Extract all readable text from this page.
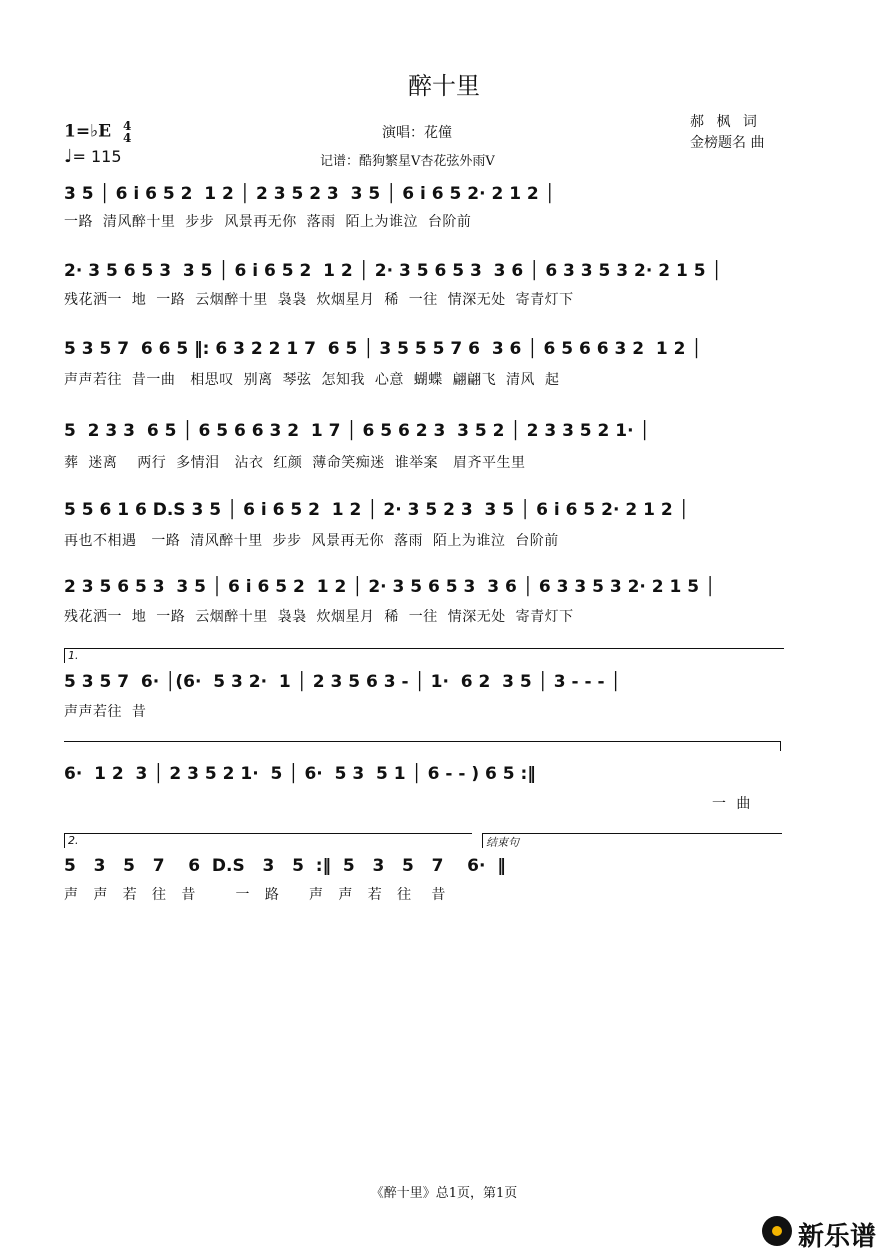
醉十里
1=♭E 4
4
♩= 115
演唱：花僮
记谱：酷狗繁星V杏花弦外雨V
郝 枫 词
金榜题名 曲
3 5 │ 6 i 6 5 2  1 2 │ 2 3 5 2 3  3 5 │ 6 i 6 5 2· 2 1 2 │
一路  清风醉十里  步步  风景再无你  落雨  陌上为谁泣  台阶前
2· 3 5 6 5 3  3 5 │ 6 i 6 5 2  1 2 │ 2· 3 5 6 5 3  3 6 │ 6 3 3 5 3 2· 2 1 5 │
残花洒一  地  一路  云烟醉十里  袅袅  炊烟星月  稀  一往  情深无处  寄青灯下
5 3 5 7  6 6 5 ‖: 6 3 2 2 1 7  6 5 │ 3 5 5 5 7 6  3 6 │ 6 5 6 6 3 2  1 2 │
声声若往  昔一曲   相思叹  别离  琴弦  怎知我  心意  蝴蝶  翩翩飞  清风  起
5  2 3 3  6 5 │ 6 5 6 6 3 2  1 7 │ 6 5 6 2 3  3 5 2 │ 2 3 3 5 2 1· │
葬  迷离    两行  多情泪   沾衣  红颜  薄命笑痴迷  谁举案   眉齐平生里
5 5 6 1 6 D.S 3 5 │ 6 i 6 5 2  1 2 │ 2· 3 5 2 3  3 5 │ 6 i 6 5 2· 2 1 2 │
再也不相遇   一路  清风醉十里  步步  风景再无你  落雨  陌上为谁泣  台阶前
2 3 5 6 5 3  3 5 │ 6 i 6 5 2  1 2 │ 2· 3 5 6 5 3  3 6 │ 6 3 3 5 3 2· 2 1 5 │
残花洒一  地  一路  云烟醉十里  袅袅  炊烟星月  稀  一往  情深无处  寄青灯下
1.
5 3 5 7  6· │(6·  5 3 2·  1 │ 2 3 5 6 3 - │ 1·  6 2  3 5 │ 3 - - - │
声声若往  昔
6·  1 2  3 │ 2 3 5 2 1·  5 │ 6·  5 3  5 1 │ 6 - - ) 6 5 :‖
一  曲
2.	结束句
5   3   5   7    6  D.S   3   5  :‖  5   3   5   7    6·  ‖
声   声   若   往   昔        一   路      声   声   若   往    昔
《醉十里》总1页，第1页
新乐谱
